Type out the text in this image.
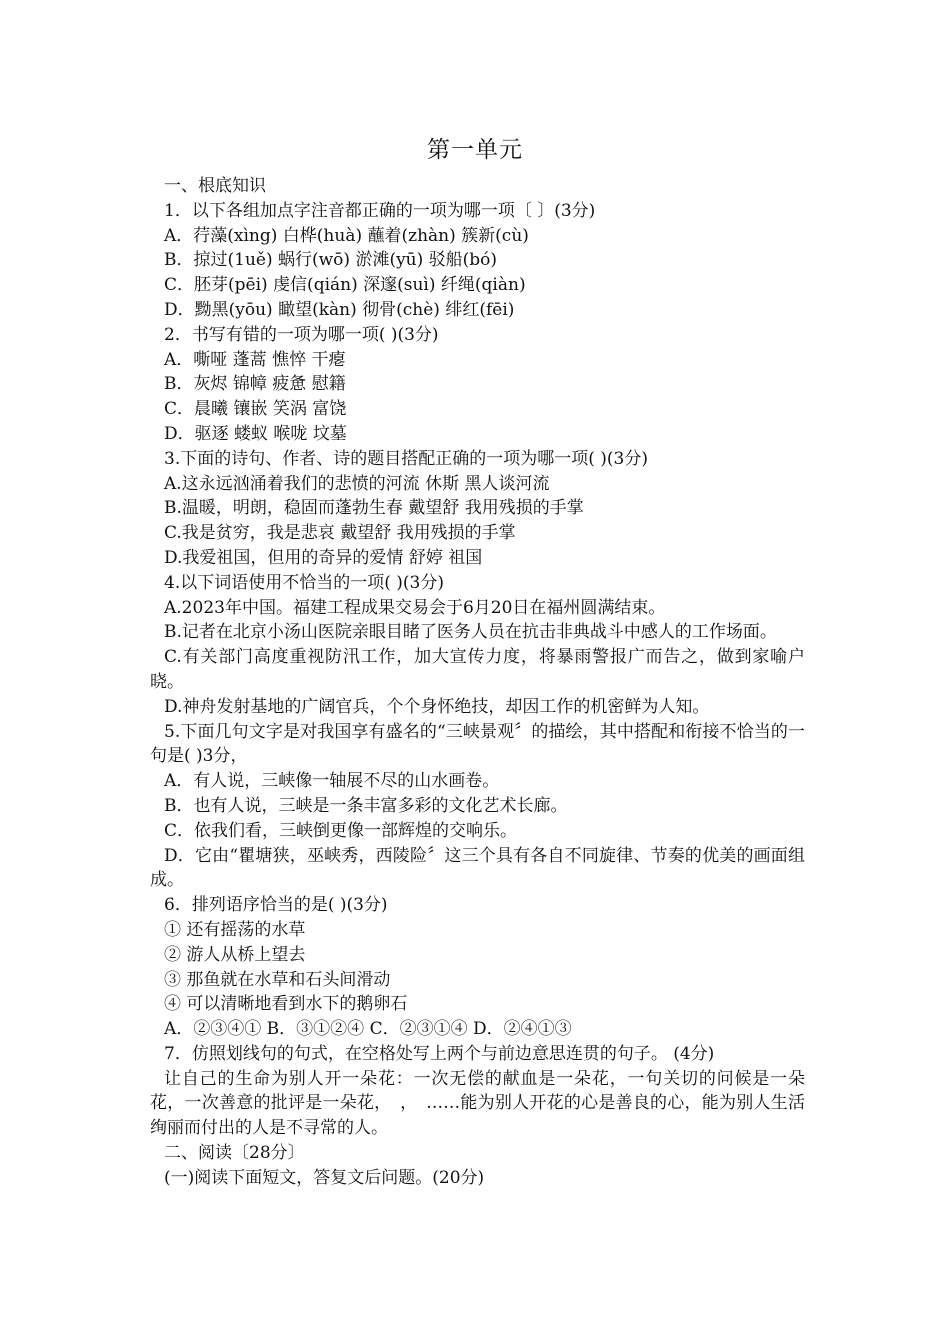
第一单元
一、根底知识
1．以下各组加点字注音都正确的一项为哪一项〔 〕(3分)
A．荇藻(xìng) 白桦(huà) 蘸着(zhàn) 簇新(cù)
B．掠过(1uě) 蜗行(wō) 淤滩(yū) 驳船(bó)
C．胚芽(pēi) 虔信(qián) 深邃(suì) 纤绳(qiàn)
D．黝黑(yōu) 瞰望(kàn) 彻骨(chè) 绯红(fēi)
2．书写有错的一项为哪一项( )(3分)
A．嘶哑 蓬蒿 憔悴 干瘪
B．灰烬 锦幛 疲惫 慰籍
C．晨曦 镶嵌 笑涡 富饶
D．驱逐 蝼蚁 喉咙 坟墓
3.下面的诗句、作者、诗的题目搭配正确的一项为哪一项( )(3分)
A.这永远汹涌着我们的悲愤的河流 休斯 黑人谈河流
B.温暖，明朗，稳固而蓬勃生春 戴望舒 我用残损的手掌
C.我是贫穷，我是悲哀 戴望舒 我用残损的手掌
D.我爱祖国，但用的奇异的爱情 舒婷 祖国
4.以下词语使用不恰当的一项( )(3分)
A.2023年中国。福建工程成果交易会于6月20日在福州圆满结束。
B.记者在北京小汤山医院亲眼目睹了医务人员在抗击非典战斗中感人的工作场面。
C.有关部门高度重视防汛工作，加大宣传力度，将暴雨警报广而告之，做到家喻户晓。
D.神舟发射基地的广阔官兵，个个身怀绝技，却因工作的机密鲜为人知。
5.下面几句文字是对我国享有盛名的“三峡景观〞的描绘，其中搭配和衔接不恰当的一句是( )3分，
A．有人说，三峡像一轴展不尽的山水画卷。
B．也有人说，三峡是一条丰富多彩的文化艺术长廊。
C．依我们看，三峡倒更像一部辉煌的交响乐。
D．它由“瞿塘狭，巫峡秀，西陵险〞这三个具有各自不同旋律、节奏的优美的画面组成。
6．排列语序恰当的是( )(3分)
① 还有摇荡的水草
② 游人从桥上望去
③ 那鱼就在水草和石头间滑动
④ 可以清晰地看到水下的鹅卵石
A．②③④① B．③①②④ C．②③①④ D．②④①③
7．仿照划线句的句式，在空格处写上两个与前边意思连贯的句子。 (4分)
让自己的生命为别人开一朵花：一次无偿的献血是一朵花，一句关切的问候是一朵花，一次善意的批评是一朵花，　，　……能为别人开花的心是善良的心，能为别人生活绚丽而付出的人是不寻常的人。
二、阅读〔28分〕
(一)阅读下面短文，答复文后问题。(20分)
